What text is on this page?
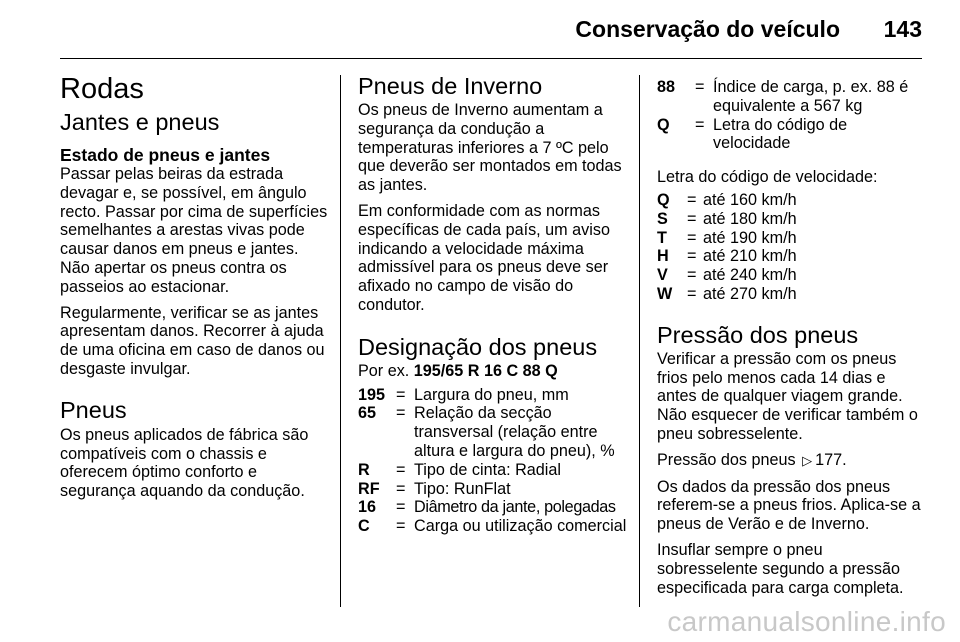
Conservação do veículo 143
Rodas
Jantes e pneus
Estado de pneus e jantes

Passar pelas beiras da estrada devagar e, se possível, em ângulo recto. Passar por cima de superfícies semelhantes a arestas vivas pode causar danos em pneus e jantes. Não apertar os pneus contra os passeios ao estacionar.

Regularmente, verificar se as jantes apresentam danos. Recorrer à ajuda de uma oficina em caso de danos ou desgaste invulgar.

Pneus

Os pneus aplicados de fábrica são compatíveis com o chassis e oferecem óptimo conforto e segurança aquando da condução.

Pneus de Inverno

Os pneus de Inverno aumentam a segurança da condução a temperaturas inferiores a 7 ºC pelo que deverão ser montados em todas as jantes.

Em conformidade com as normas específicas de cada país, um aviso indicando a velocidade máxima admissível para os pneus deve ser afixado no campo de visão do condutor.

Designação dos pneus

Por ex. 195/65 R 16 C 88 Q

195 = Largura do pneu, mm
65	= Relação da secção transversal (relação entre altura e largura do pneu), %
R	= Tipo de cinta: Radial
RF	= Tipo: RunFlat
16	= Diâmetro da jante, polegadas
C	= Carga ou utilização comercial
88	= Índice de carga, p. ex. 88 é equivalente a 567 kg
Q	= Letra do código de velocidade

Letra do código de velocidade:

Q	= até 160 km/h
S	= até 180 km/h
T	= até 190 km/h
H	= até 210 km/h
V	= até 240 km/h
W = até 270 km/h
Pressão dos pneus

Verificar a pressão com os pneus frios pelo menos cada 14 dias e antes de qualquer viagem grande. Não esquecer de verificar também o pneu sobresselente.

Pressão dos pneus ▷ 177.

Os dados da pressão dos pneus referem-se a pneus frios. Aplica-se a pneus de Verão e de Inverno.

Insuflar sempre o pneu sobresselente segundo a pressão especificada para carga completa.

carmanualsonline.info
